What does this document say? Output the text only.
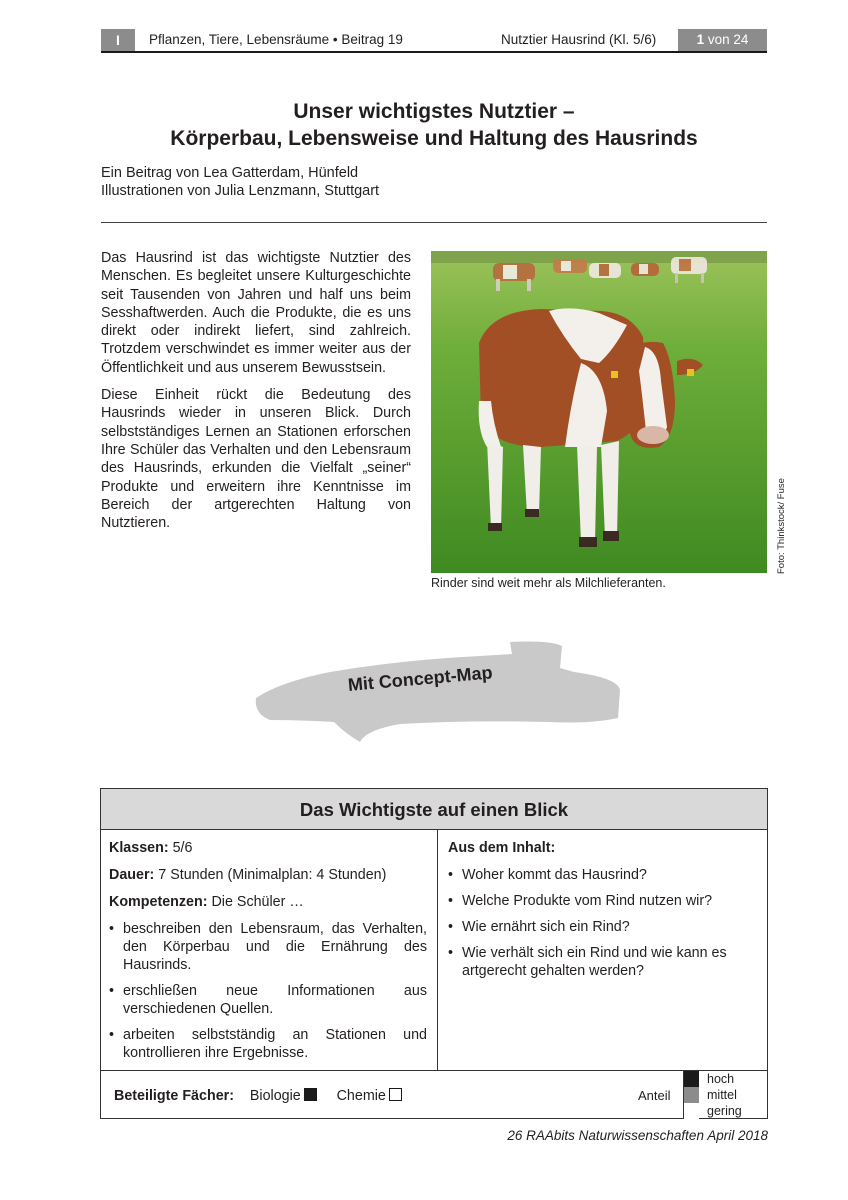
I	Pflanzen, Tiere, Lebensräume • Beitrag 19	Nutztier Hausrind (Kl. 5/6)	1 von 24
Unser wichtigstes Nutztier –
Körperbau, Lebensweise und Haltung des Hausrinds
Ein Beitrag von Lea Gatterdam, Hünfeld
Illustrationen von Julia Lenzmann, Stuttgart

Das Hausrind ist das wichtigste Nutztier des Menschen. Es begleitet unsere Kulturgeschichte seit Tausenden von Jahren und half uns beim Sesshaftwerden. Auch die Produkte, die es uns direkt oder indirekt liefert, sind zahlreich. Trotzdem verschwindet es immer weiter aus der Öffentlichkeit und aus unserem Bewusstsein.

Diese Einheit rückt die Bedeutung des Hausrinds wieder in unseren Blick. Durch selbstständiges Lernen an Stationen erforschen Ihre Schüler das Verhalten und den Lebensraum des Hausrinds, erkunden die Vielfalt „seiner“ Produkte und erweitern ihre Kenntnisse im Bereich der artgerechten Haltung von Nutztieren.

Rinder sind weit mehr als Milchlieferanten.
Foto: Thinkstock/ Fuse
Mit Concept-Map
Das Wichtigste auf einen Blick
Klassen: 5/6
Dauer: 7 Stunden (Minimalplan: 4 Stunden)
Kompetenzen: Die Schüler …
• beschreiben den Lebensraum, das Verhalten, den Körperbau und die Ernährung des Hausrinds.
• erschließen neue Informationen aus verschiedenen Quellen.
• arbeiten selbstständig an Stationen und kontrollieren ihre Ergebnisse.
Aus dem Inhalt:
• Woher kommt das Hausrind?
• Welche Produkte vom Rind nutzen wir?
• Wie ernährt sich ein Rind?
• Wie verhält sich ein Rind und wie kann es artgerecht gehalten werden?
Beteiligte Fächer: Biologie	Chemie	Anteil
hoch
mittel
gering
26 RAAbits Naturwissenschaften April 2018
